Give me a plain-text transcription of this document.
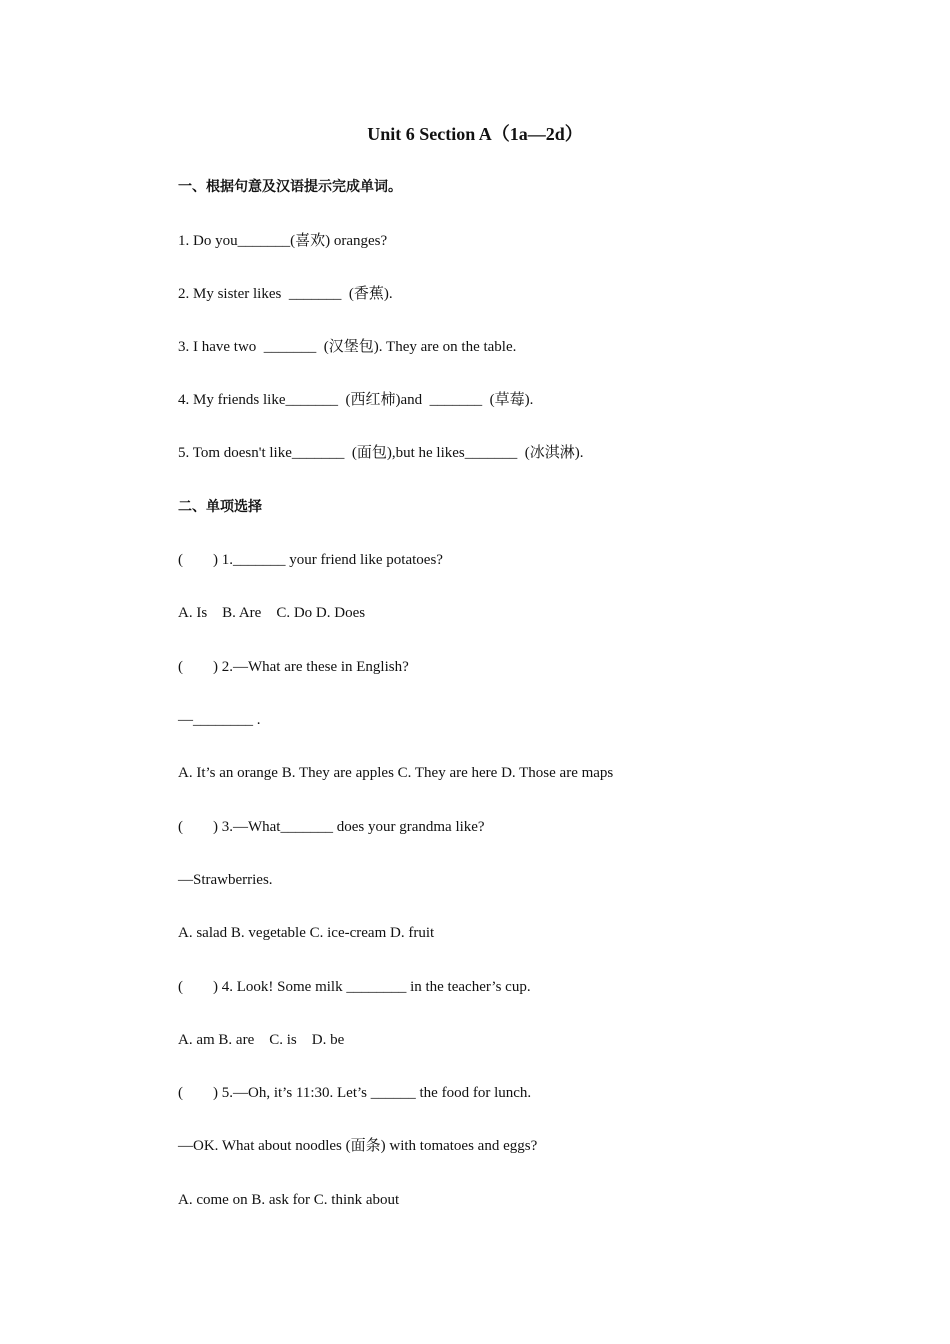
Unit 6 Section A（1a—2d）

一、根据句意及汉语提示完成单词。

1. Do you_______(喜欢) oranges?

2. My sister likes  _______  (香蕉).

3. I have two  _______  (汉堡包). They are on the table.

4. My friends like_______  (西红柿)and  _______  (草莓).

5. Tom doesn't like_______  (面包),but he likes_______  (冰淇淋).

二、单项选择

(        ) 1._______ your friend like potatoes?

A. Is    B. Are    C. Do D. Does

(        ) 2.—What are these in English?

—________ .

A. It’s an orange B. They are apples C. They are here D. Those are maps

(        ) 3.—What_______ does your grandma like?

—Strawberries.

A. salad B. vegetable C. ice-cream D. fruit

(        ) 4. Look! Some milk ________ in the teacher’s cup.

A. am B. are    C. is    D. be

(        ) 5.—Oh, it’s 11:30. Let’s ______ the food for lunch.

—OK. What about noodles (面条) with tomatoes and eggs?

A. come on B. ask for C. think about
